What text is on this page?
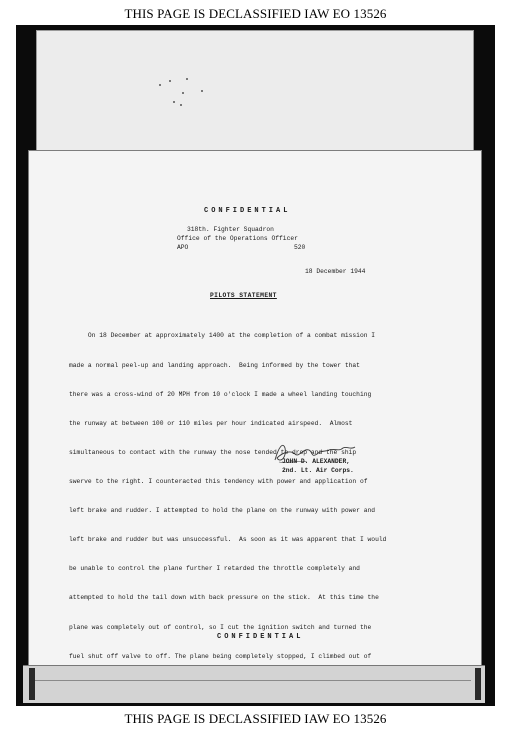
THIS PAGE IS DECLASSIFIED IAW EO 13526
CONFIDENTIAL
318th. Fighter Squadron
Office of the Operations Officer
APO	520
18 December 1944
PILOTS STATEMENT

On 18 December at approximately 1400 at the completion of a combat mission I

made a normal peel-up and landing approach.  Being informed by the tower that

there was a cross-wind of 20 MPH from 10 o'clock I made a wheel landing touching

the runway at between 100 or 110 miles per hour indicated airspeed.  Almost

simultaneous to contact with the runway the nose tended to drop and the ship

swerve to the right. I counteracted this tendency with power and application of

left brake and rudder. I attempted to hold the plane on the runway with power and

left brake and rudder but was unsuccessful.  As soon as it was apparent that I would

be unable to control the plane further I retarded the throttle completely and

attempted to hold the tail down with back pressure on the stick.  At this time the

plane was completely out of control, so I cut the ignition switch and turned the

fuel shut off valve to off. The plane being completely stopped, I climbed out of

JOHN D. ALEXANDER,
2nd. Lt. Air Corps.
CONFIDENTIAL
THIS PAGE IS DECLASSIFIED IAW EO 13526
